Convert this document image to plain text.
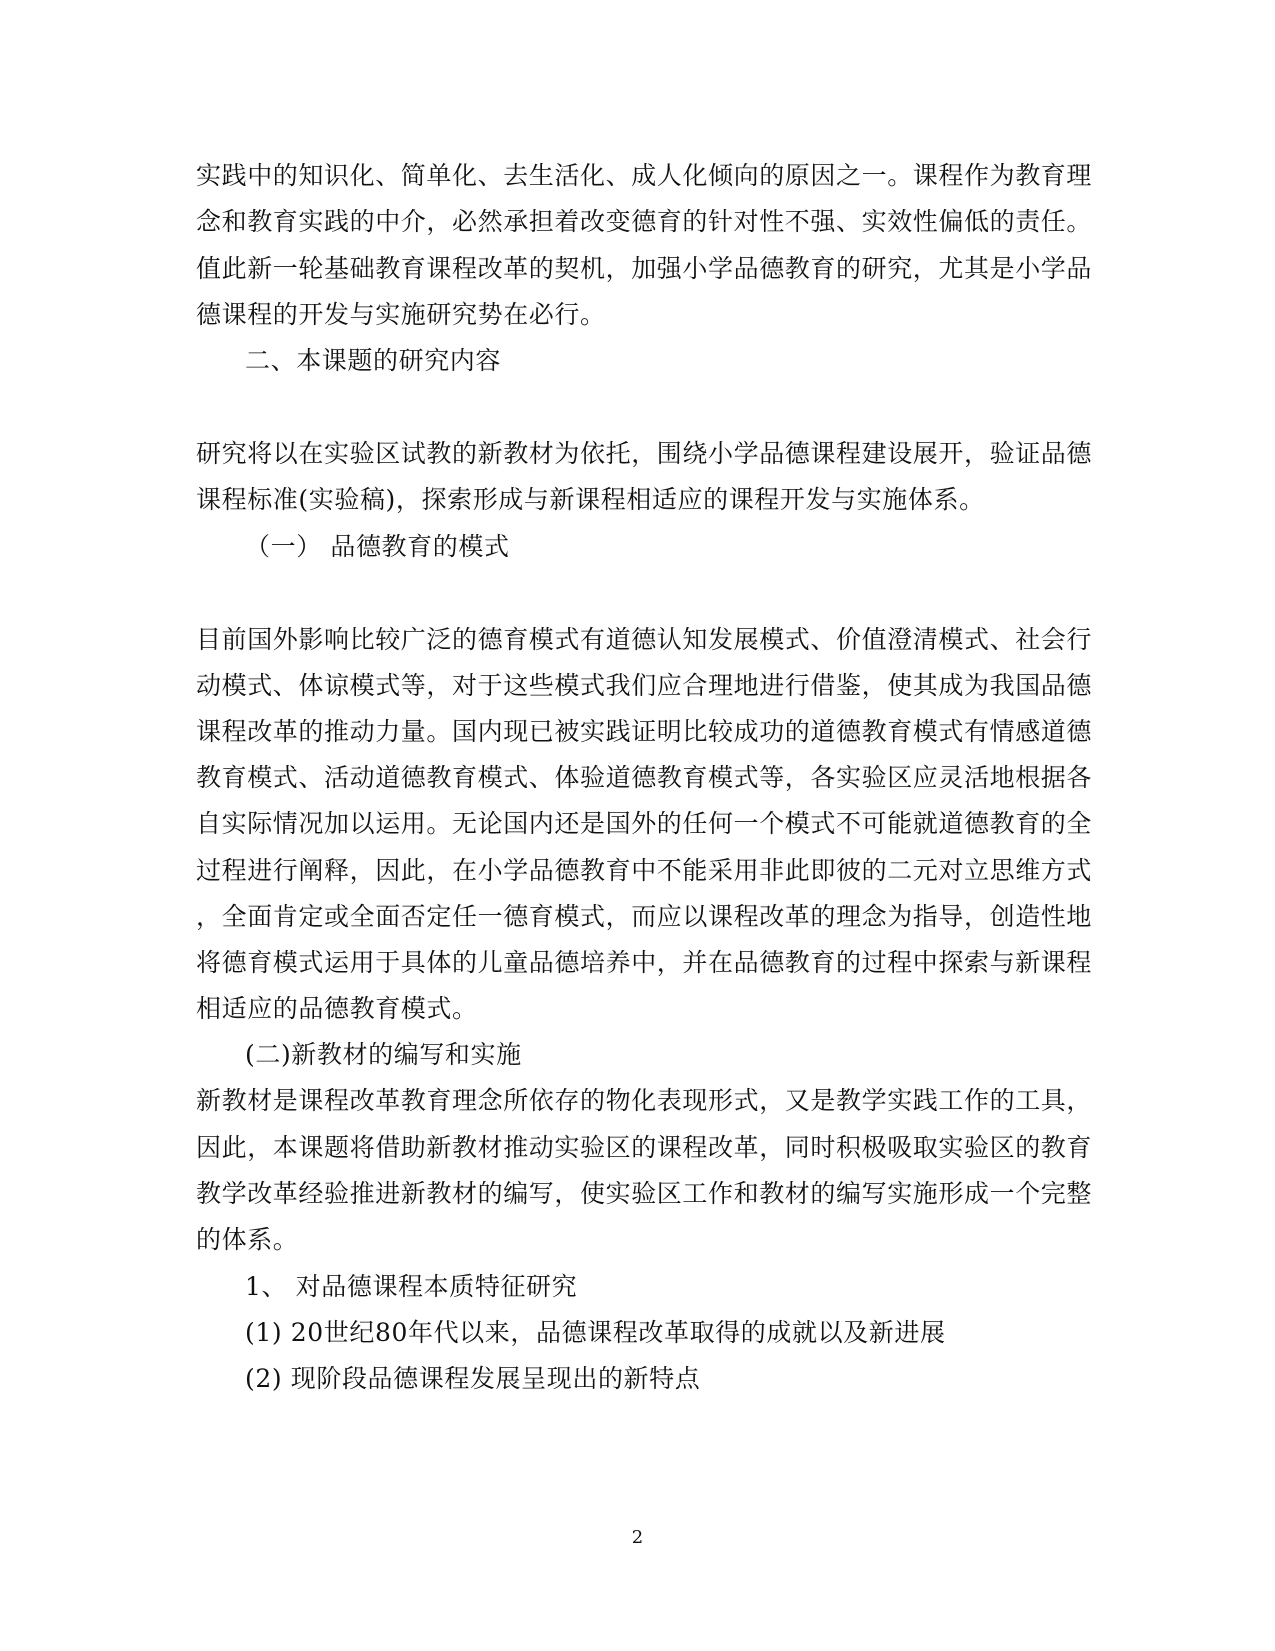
实践中的知识化、简单化、去生活化、成人化倾向的原因之一。课程作为教育理
念和教育实践的中介，必然承担着改变德育的针对性不强、实效性偏低的责任。
值此新一轮基础教育课程改革的契机，加强小学品德教育的研究，尤其是小学品
德课程的开发与实施研究势在必行。
二、本课题的研究内容
研究将以在实验区试教的新教材为依托，围绕小学品德课程建设展开，验证品德
课程标准(实验稿)，探索形成与新课程相适应的课程开发与实施体系。
（一） 品德教育的模式
目前国外影响比较广泛的德育模式有道德认知发展模式、价值澄清模式、社会行
动模式、体谅模式等，对于这些模式我们应合理地进行借鉴，使其成为我国品德
课程改革的推动力量。国内现已被实践证明比较成功的道德教育模式有情感道德
教育模式、活动道德教育模式、体验道德教育模式等，各实验区应灵活地根据各
自实际情况加以运用。无论国内还是国外的任何一个模式不可能就道德教育的全
过程进行阐释，因此，在小学品德教育中不能采用非此即彼的二元对立思维方式
，全面肯定或全面否定任一德育模式，而应以课程改革的理念为指导，创造性地
将德育模式运用于具体的儿童品德培养中，并在品德教育的过程中探索与新课程
相适应的品德教育模式。
(二)新教材的编写和实施
新教材是课程改革教育理念所依存的物化表现形式，又是教学实践工作的工具，
因此，本课题将借助新教材推动实验区的课程改革，同时积极吸取实验区的教育
教学改革经验推进新教材的编写，使实验区工作和教材的编写实施形成一个完整
的体系。
1、 对品德课程本质特征研究
(1) 20世纪80年代以来，品德课程改革取得的成就以及新进展
(2) 现阶段品德课程发展呈现出的新特点
2
